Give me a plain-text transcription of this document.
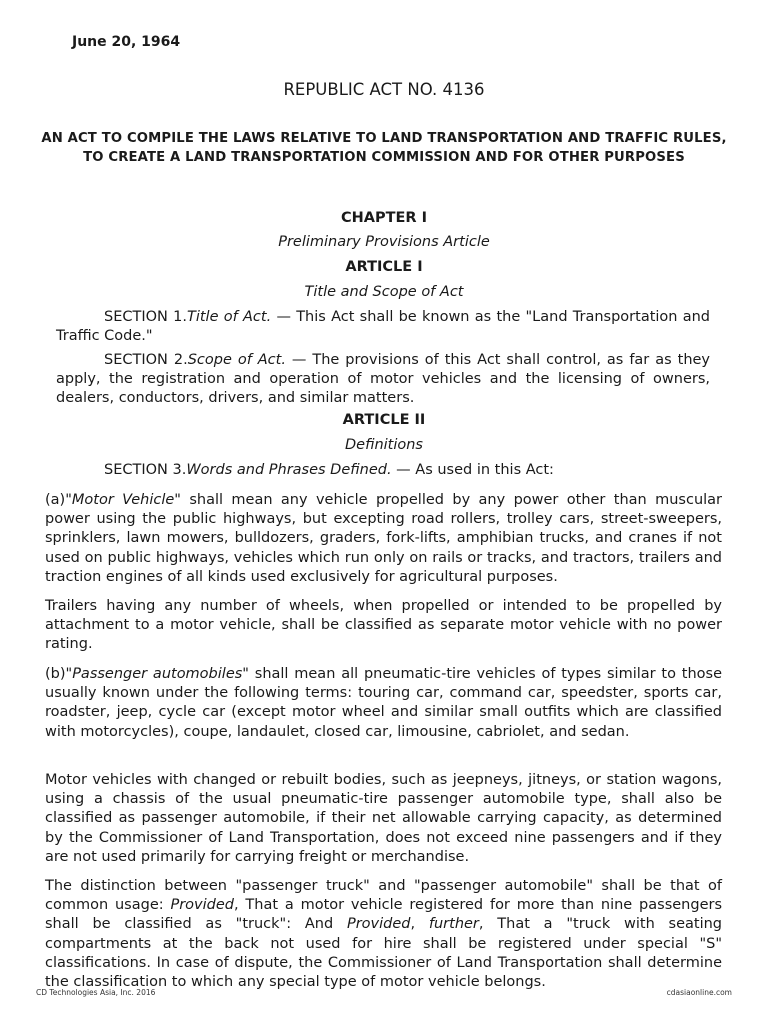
June 20, 1964
REPUBLIC ACT NO. 4136
AN ACT TO COMPILE THE LAWS RELATIVE TO LAND TRANSPORTATION AND TRAFFIC RULES, TO CREATE A LAND TRANSPORTATION COMMISSION AND FOR OTHER PURPOSES
CHAPTER I
Preliminary Provisions Article
ARTICLE I
Title and Scope of Act
SECTION 1.Title of Act. — This Act shall be known as the "Land Transportation and Traffic Code."
SECTION 2.Scope of Act. — The provisions of this Act shall control, as far as they apply, the registration and operation of motor vehicles and the licensing of owners, dealers, conductors, drivers, and similar matters.
ARTICLE II
Definitions
SECTION 3.Words and Phrases Defined. — As used in this Act:
(a)"Motor Vehicle" shall mean any vehicle propelled by any power other than muscular power using the public highways, but excepting road rollers, trolley cars, street-sweepers, sprinklers, lawn mowers, bulldozers, graders, fork-lifts, amphibian trucks, and cranes if not used on public highways, vehicles which run only on rails or tracks, and tractors, trailers and traction engines of all kinds used exclusively for agricultural purposes.
Trailers having any number of wheels, when propelled or intended to be propelled by attachment to a motor vehicle, shall be classified as separate motor vehicle with no power rating.
(b)"Passenger automobiles" shall mean all pneumatic-tire vehicles of types similar to those usually known under the following terms: touring car, command car, speedster, sports car, roadster, jeep, cycle car (except motor wheel and similar small outfits which are classified with motorcycles), coupe, landaulet, closed car, limousine, cabriolet, and sedan.
Motor vehicles with changed or rebuilt bodies, such as jeepneys, jitneys, or station wagons, using a chassis of the usual pneumatic-tire passenger automobile type, shall also be classified as passenger automobile, if their net allowable carrying capacity, as determined by the Commissioner of Land Transportation, does not exceed nine passengers and if they are not used primarily for carrying freight or merchandise.
The distinction between "passenger truck" and "passenger automobile" shall be that of common usage: Provided, That a motor vehicle registered for more than nine passengers shall be classified as "truck": And Provided, further, That a "truck with seating compartments at the back not used for hire shall be registered under special "S" classifications. In case of dispute, the Commissioner of Land Transportation shall determine the classification to which any special type of motor vehicle belongs.
CD Technologies Asia, Inc. 2016	cdasiaonline.com
